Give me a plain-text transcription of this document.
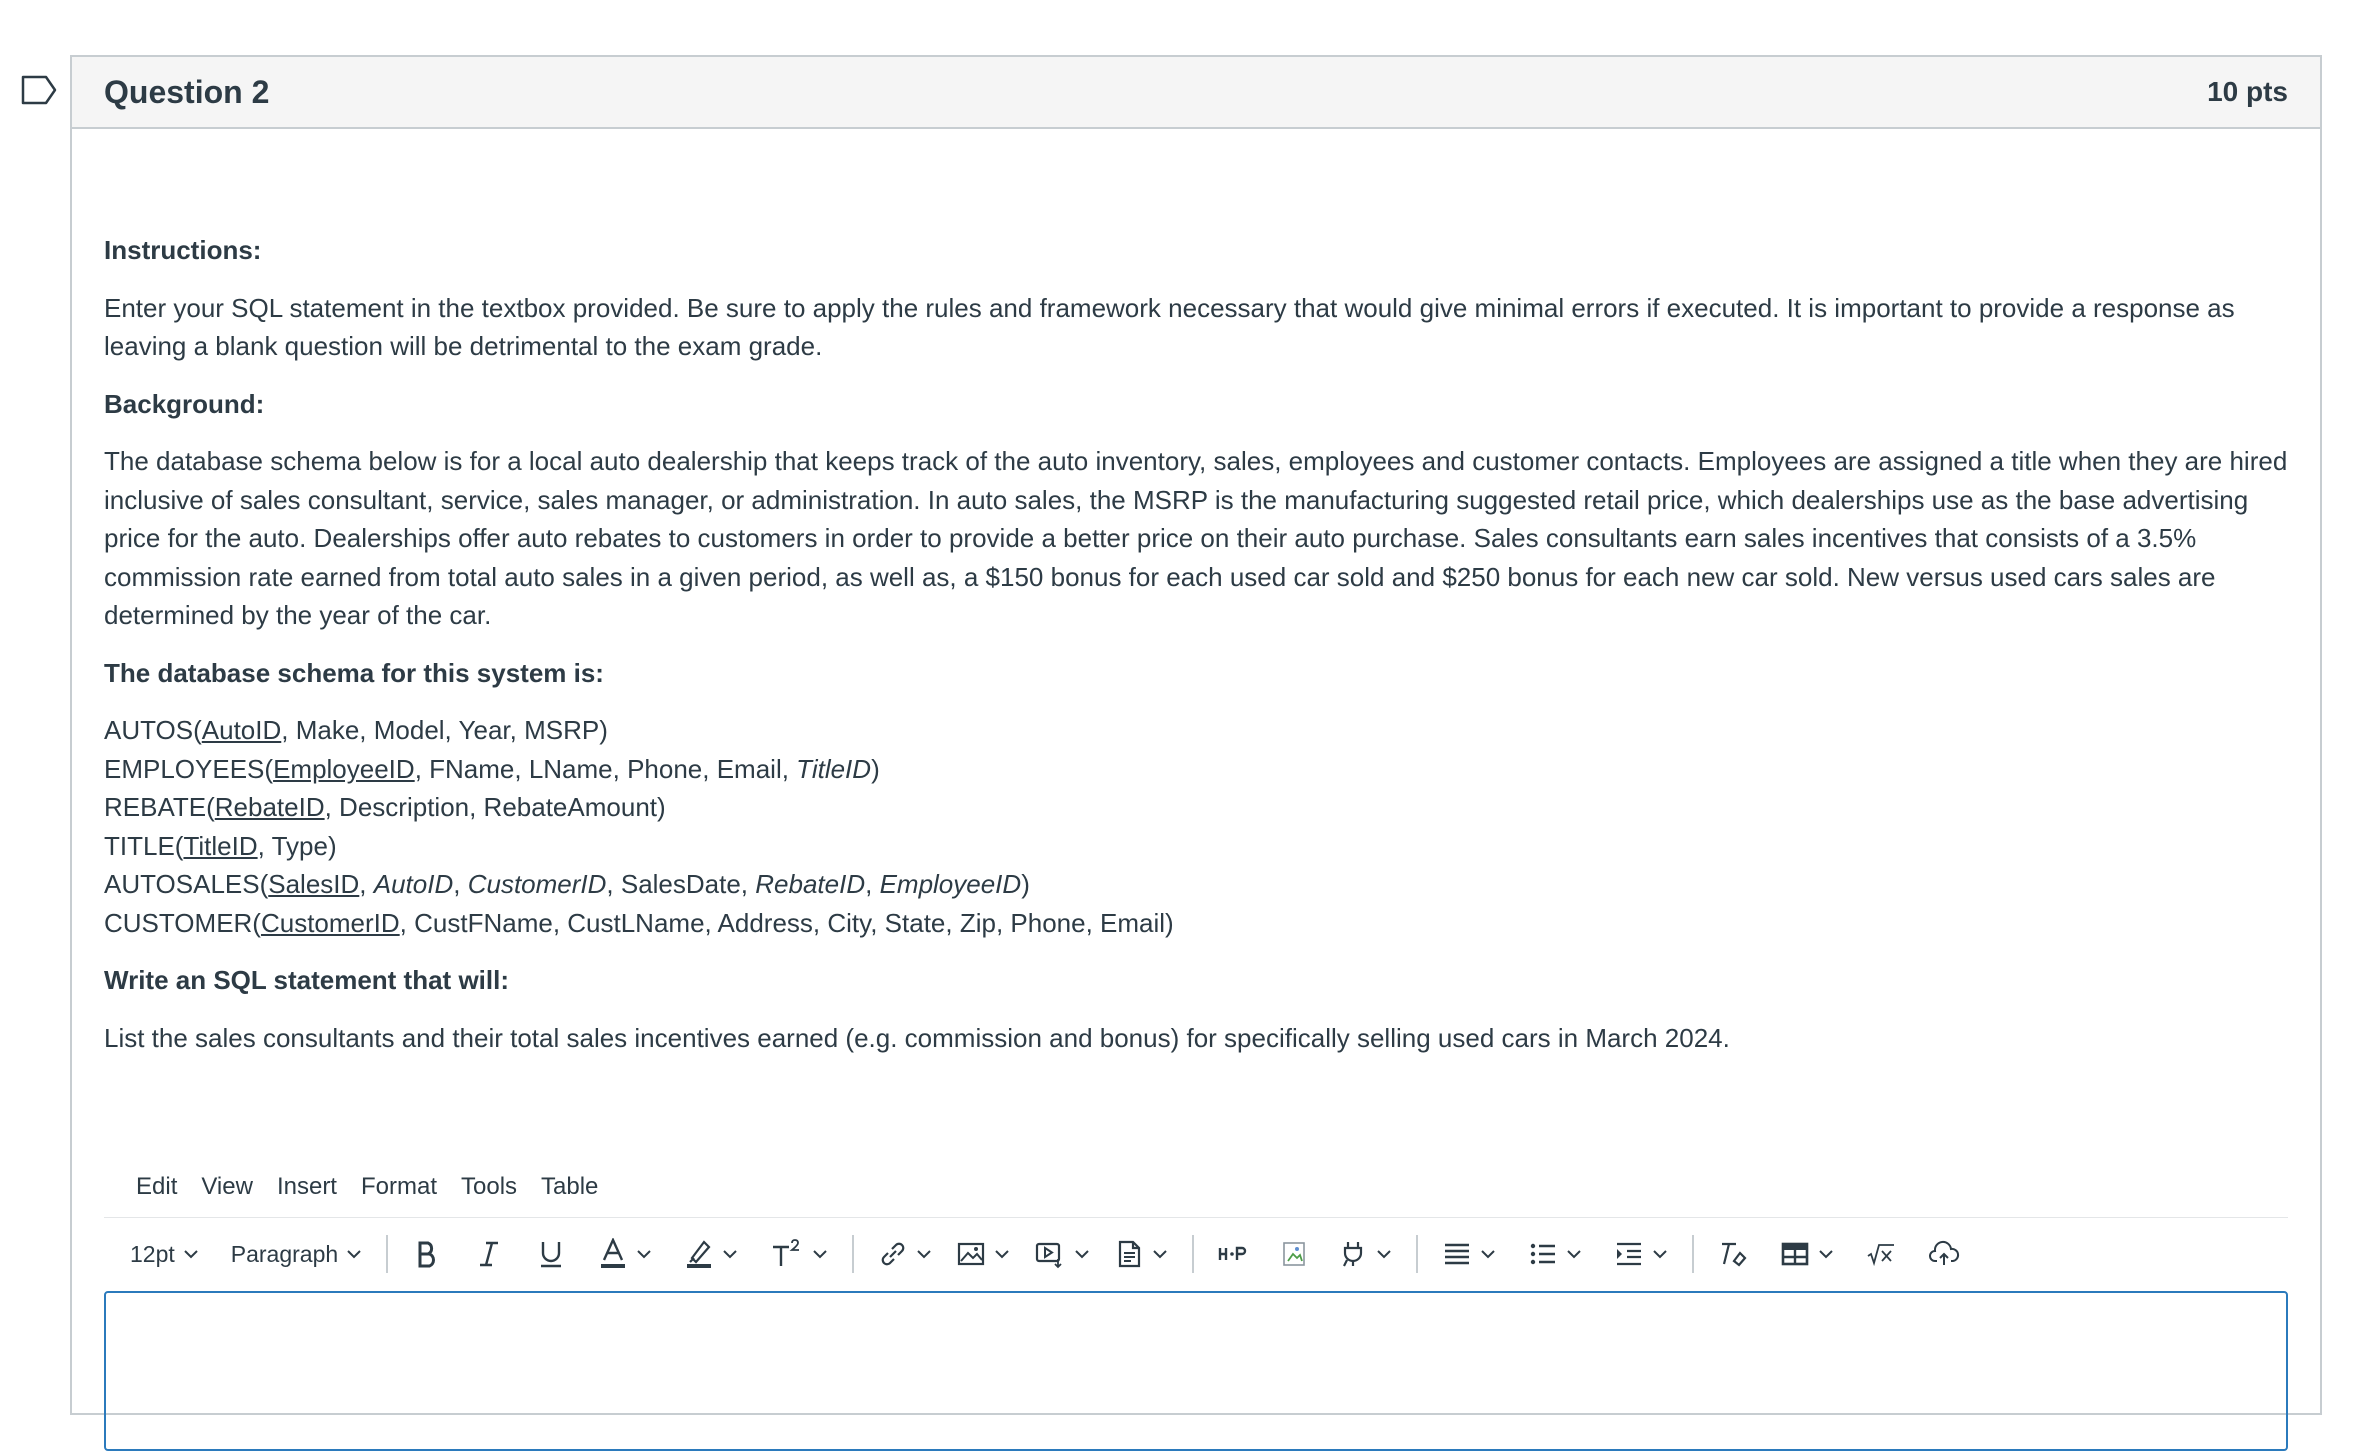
Question 2	10 pts

Instructions:

Enter your SQL statement in the textbox provided. Be sure to apply the rules and framework necessary that would give minimal errors if executed. It is important to provide a response as leaving a blank question will be detrimental to the exam grade.

Background:

The database schema below is for a local auto dealership that keeps track of the auto inventory, sales, employees and customer contacts. Employees are assigned a title when they are hired inclusive of sales consultant, service, sales manager, or administration. In auto sales, the MSRP is the manufacturing suggested retail price, which dealerships use as the base advertising price for the auto. Dealerships offer auto rebates to customers in order to provide a better price on their auto purchase. Sales consultants earn sales incentives that consists of a 3.5% commission rate earned from total auto sales in a given period, as well as, a $150 bonus for each used car sold and $250 bonus for each new car sold. New versus used cars sales are determined by the year of the car.

The database schema for this system is:

AUTOS(AutoID, Make, Model, Year, MSRP)
EMPLOYEES(EmployeeID, FName, LName, Phone, Email, TitleID)
REBATE(RebateID, Description, RebateAmount)
TITLE(TitleID, Type)
AUTOSALES(SalesID, AutoID, CustomerID, SalesDate, RebateID, EmployeeID)
CUSTOMER(CustomerID, CustFName, CustLName, Address, City, State, Zip, Phone, Email)

Write an SQL statement that will:

List the sales consultants and their total sales incentives earned (e.g. commission and bonus) for specifically selling used cars in March 2024.

Edit	View	Insert	Format	Tools	Table
12pt Paragraph
